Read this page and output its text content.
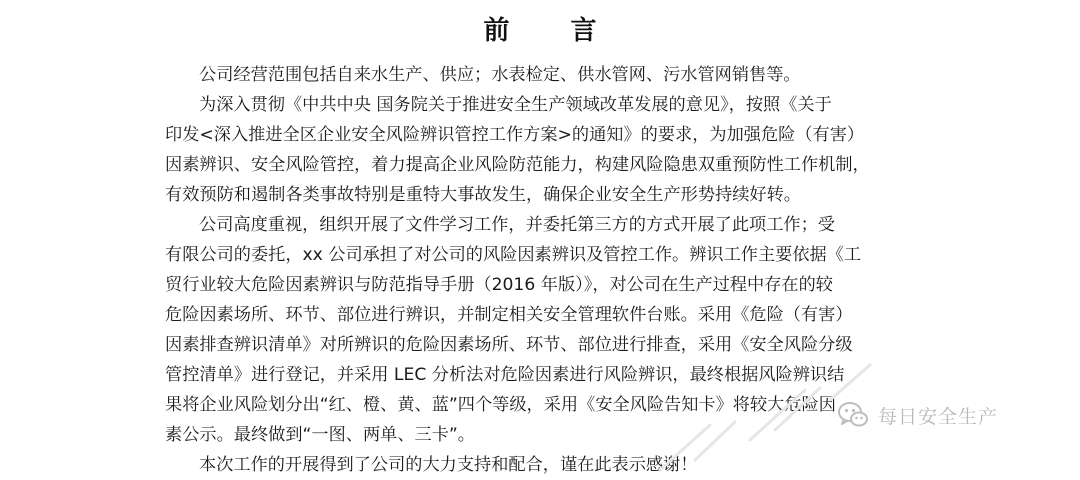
前 言

公司经营范围包括自来水生产、供应；水表检定、供水管网、污水管网销售等。

为深入贯彻《中共中央 国务院关于推进安全生产领域改革发展的意见》，按照《关于
印发<深入推进全区企业安全风险辨识管控工作方案>的通知》的要求，为加强危险（有害）
因素辨识、安全风险管控，着力提高企业风险防范能力，构建风险隐患双重预防性工作机制，
有效预防和遏制各类事故特别是重特大事故发生，确保企业安全生产形势持续好转。

公司高度重视，组织开展了文件学习工作，并委托第三方的方式开展了此项工作；受
有限公司的委托，xx 公司承担了对公司的风险因素辨识及管控工作。辨识工作主要依据《工
贸行业较大危险因素辨识与防范指导手册（2016 年版）》，对公司在生产过程中存在的较
危险因素场所、环节、部位进行辨识，并制定相关安全管理软件台账。采用《危险（有害）
因素排查辨识清单》对所辨识的危险因素场所、环节、部位进行排查，采用《安全风险分级
管控清单》进行登记，并采用 LEC 分析法对危险因素进行风险辨识，最终根据风险辨识结
果将企业风险划分出“红、橙、黄、蓝”四个等级，采用《安全风险告知卡》将较大危险因
素公示。最终做到“一图、两单、三卡”。

本次工作的开展得到了公司的大力支持和配合，谨在此表示感谢！

每日安全生产
